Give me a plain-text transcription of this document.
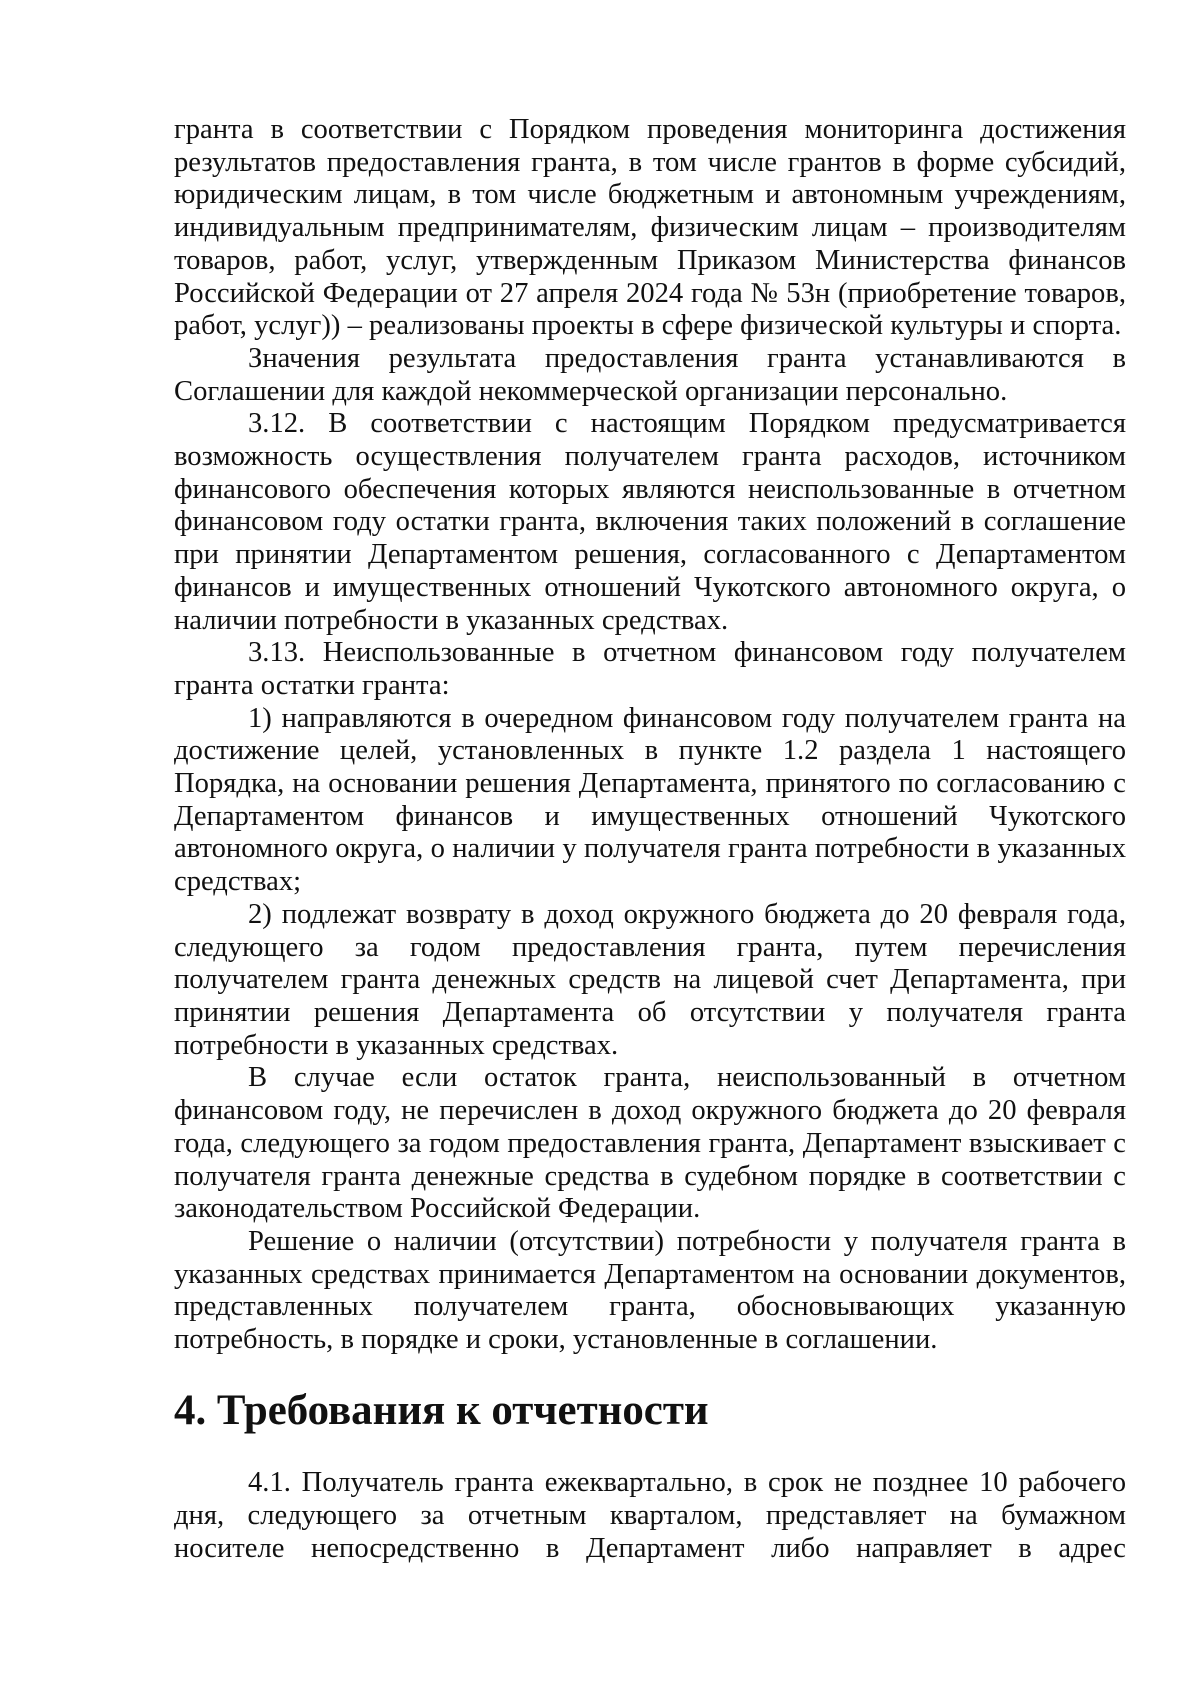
гранта в соответствии с Порядком проведения мониторинга достижения результатов предоставления гранта, в том числе грантов в форме субсидий, юридическим лицам, в том числе бюджетным и автономным учреждениям, индивидуальным предпринимателям, физическим лицам – производителям товаров, работ, услуг, утвержденным Приказом Министерства финансов Российской Федерации от 27 апреля 2024 года № 53н (приобретение товаров, работ, услуг)) – реализованы проекты в сфере физической культуры и спорта.

Значения результата предоставления гранта устанавливаются в Соглашении для каждой некоммерческой организации персонально.

3.12. В соответствии с настоящим Порядком предусматривается возможность осуществления получателем гранта расходов, источником финансового обеспечения которых являются неиспользованные в отчетном финансовом году остатки гранта, включения таких положений в соглашение при принятии Департаментом решения, согласованного с Департаментом финансов и имущественных отношений Чукотского автономного округа, о наличии потребности в указанных средствах.

3.13. Неиспользованные в отчетном финансовом году получателем гранта остатки гранта:

1) направляются в очередном финансовом году получателем гранта на достижение целей, установленных в пункте 1.2 раздела 1 настоящего Порядка, на основании решения Департамента, принятого по согласованию с Департаментом финансов и имущественных отношений Чукотского автономного округа, о наличии у получателя гранта потребности в указанных средствах;

2) подлежат возврату в доход окружного бюджета до 20 февраля года, следующего за годом предоставления гранта, путем перечисления получателем гранта денежных средств на лицевой счет Департамента, при принятии решения Департамента об отсутствии у получателя гранта потребности в указанных средствах.

В случае если остаток гранта, неиспользованный в отчетном финансовом году, не перечислен в доход окружного бюджета до 20 февраля года, следующего за годом предоставления гранта, Департамент взыскивает с получателя гранта денежные средства в судебном порядке в соответствии с законодательством Российской Федерации.

Решение о наличии (отсутствии) потребности у получателя гранта в указанных средствах принимается Департаментом на основании документов, представленных получателем гранта, обосновывающих указанную потребность, в порядке и сроки, установленные в соглашении.

4. Требования к отчетности

4.1. Получатель гранта ежеквартально, в срок не позднее 10 рабочего дня, следующего за отчетным кварталом, представляет на бумажном носителе непосредственно в Департамент либо направляет в адрес
